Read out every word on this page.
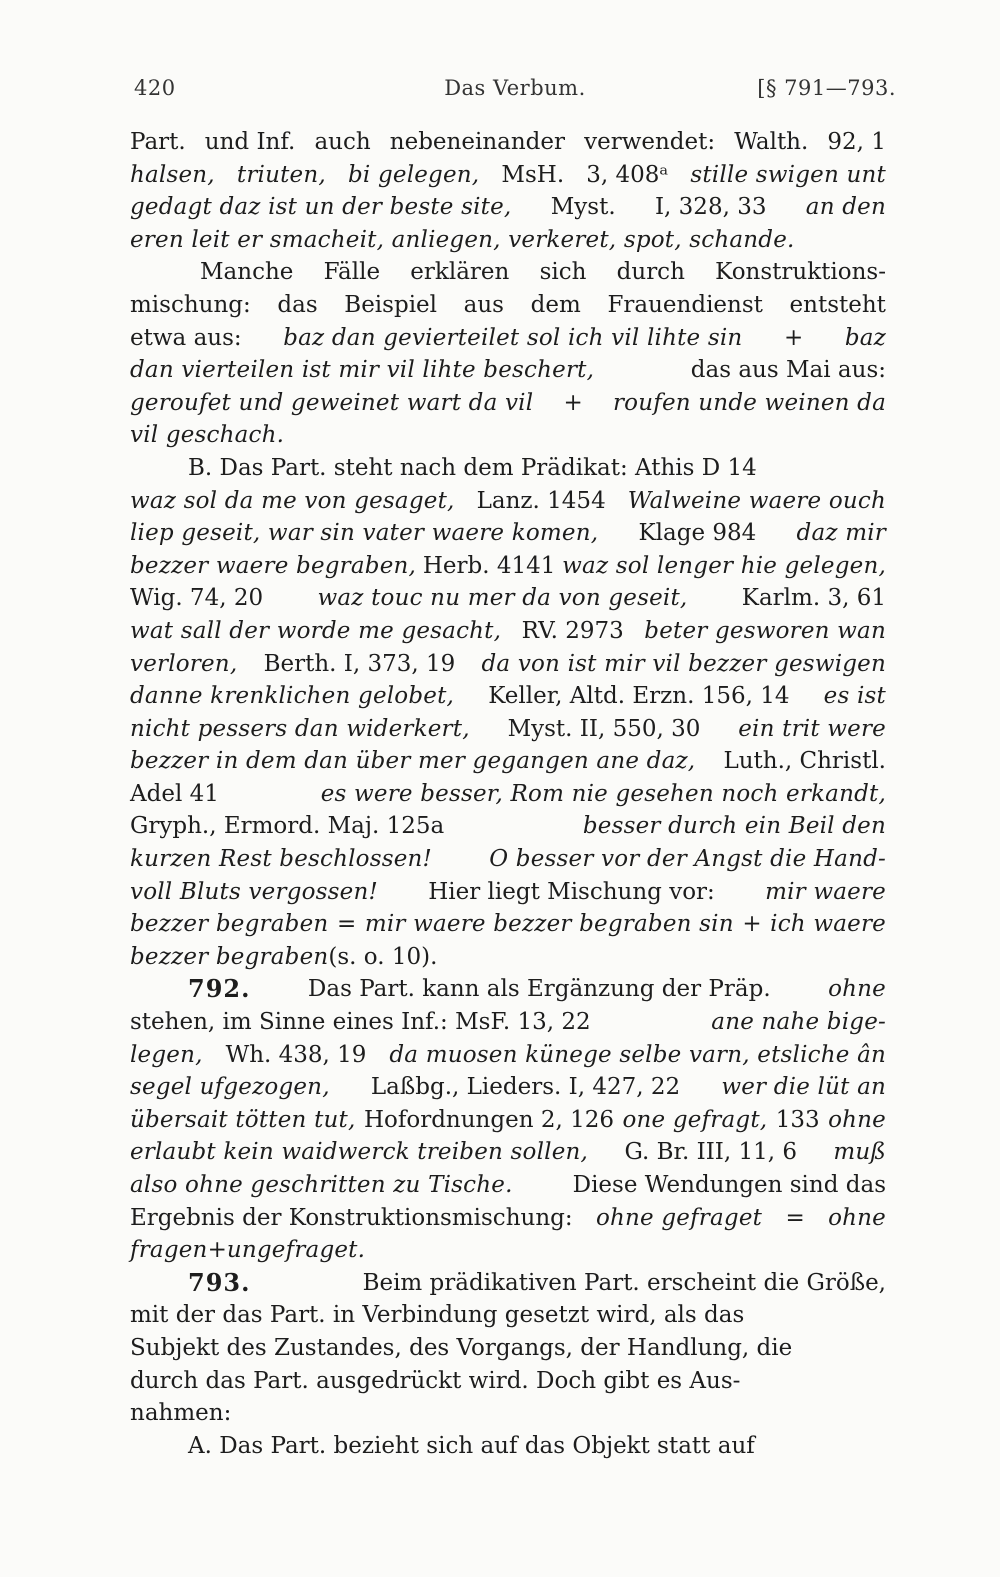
420	Das Verbum.	[§ 791—793.
Part. und Inf. auch nebeneinander verwendet: Walth. 92, 1
halsen, triuten, bi gelegen, MsH. 3, 408ᵃ stille swigen unt
gedagt daz ist un der beste site, Myst. I, 328, 33 an den
eren leit er smacheit, anliegen, verkeret, spot, schande.
Manche Fälle erklären sich durch Konstruktions-
mischung: das Beispiel aus dem Frauendienst entsteht
etwa aus: baz dan gevierteilet sol ich vil lihte sin + baz
dan vierteilen ist mir vil lihte beschert,	das aus Mai aus:
geroufet und geweinet wart da vil + roufen unde weinen da
vil geschach.
B. Das Part. steht nach dem Prädikat: Athis D 14
waz sol da me von gesaget, Lanz. 1454 Walweine waere ouch
liep geseit, war sin vater waere komen, Klage 984 daz mir
bezzer waere begraben, Herb. 4141 waz sol lenger hie gelegen,
Wig. 74, 20 waz touc nu mer da von geseit, Karlm. 3, 61
wat sall der worde me gesacht, RV. 2973 beter gesworen wan
verloren, Berth. I, 373, 19 da von ist mir vil bezzer geswigen
danne krenklichen gelobet, Keller, Altd. Erzn. 156, 14 es ist
nicht pessers dan widerkert, Myst. II, 550, 30 ein trit were
bezzer in dem dan über mer gegangen ane daz, Luth., Christl.
Adel 41	es were besser, Rom nie gesehen noch erkandt,
Gryph., Ermord. Maj. 125a	besser durch ein Beil den
kurzen Rest beschlossen! O besser vor der Angst die Hand-
voll Bluts vergossen! Hier liegt Mischung vor: mir waere
bezzer begraben = mir waere bezzer begraben sin + ich waere
bezzer begraben (s. o. 10).
792. Das Part. kann als Ergänzung der Präp. ohne
stehen, im Sinne eines Inf.: MsF. 13, 22	ane nahe bige-
legen, Wh. 438, 19 da muosen künege selbe varn, etsliche ân
segel ufgezogen, Laßbg., Lieders. I, 427, 22 wer die lüt an
übersait tötten tut, Hofordnungen 2, 126 one gefragt, 133 ohne
erlaubt kein waidwerck treiben sollen, G. Br. III, 11, 6 muß
also ohne geschritten zu Tische.	Diese Wendungen sind das
Ergebnis der Konstruktionsmischung: ohne gefraget = ohne
fragen + ungefraget.
793.	Beim prädikativen Part. erscheint die Größe,
mit der das Part. in Verbindung gesetzt wird, als das
Subjekt des Zustandes, des Vorgangs, der Handlung, die
durch das Part. ausgedrückt wird. Doch gibt es Aus-
nahmen:
A. Das Part. bezieht sich auf das Objekt statt auf
